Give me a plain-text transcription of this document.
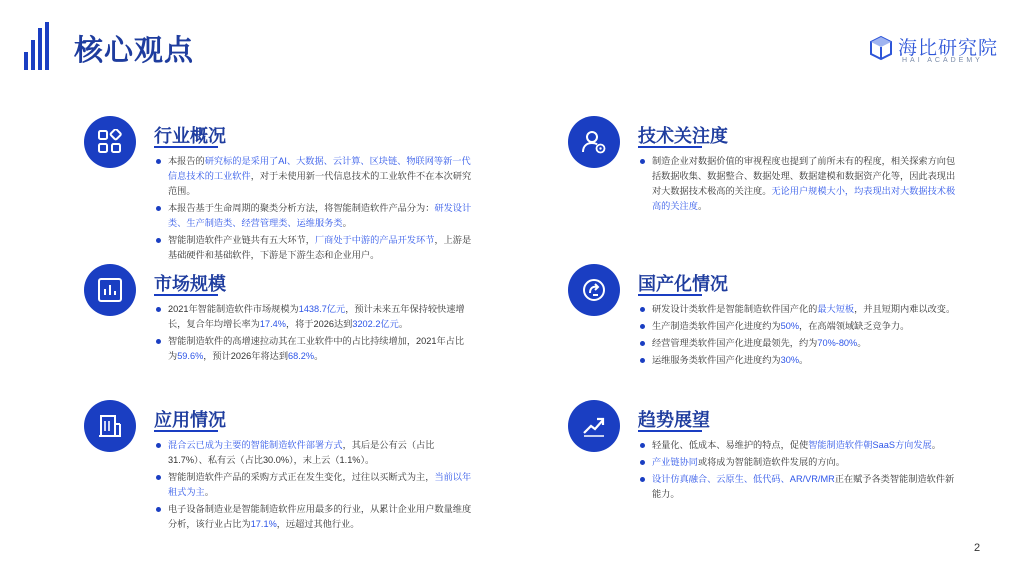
核心观点	海比研究院
HAI ACADEMY
行业概况
本报告的研究标的是采用了AI、大数据、云计算、区块链、物联网等新一代信息技术的工业软件，对于未使用新一代信息技术的工业软件不在本次研究范围。
本报告基于生命周期的聚类分析方法，将智能制造软件产品分为：研发设计类、生产制造类、经营管理类、运维服务类。
智能制造软件产业链共有五大环节，厂商处于中游的产品开发环节，上游是基础硬件和基础软件，下游是下游生态和企业用户。
市场规模
2021年智能制造软件市场规模为1438.7亿元，预计未来五年保持较快速增长，复合年均增长率为17.4%，将于2026达到3202.2亿元。
智能制造软件的高增速拉动其在工业软件中的占比持续增加，2021年占比为59.6%，预计2026年将达到68.2%。
应用情况
混合云已成为主要的智能制造软件部署方式，其后是公有云（占比31.7%）、私有云（占比30.0%），末上云（1.1%）。
智能制造软件产品的采购方式正在发生变化，过往以买断式为主，当前以年租式为主。
电子设备制造业是智能制造软件应用最多的行业，从累计企业用户数量维度分析，该行业占比为17.1%，远超过其他行业。
技术关注度
制造企业对数据价值的审视程度也提到了前所未有的程度，相关探索方向包括数据收集、数据整合、数据处理、数据建模和数据资产化等，因此表现出对大数据技术极高的关注度。无论用户规模大小，均表现出对大数据技术极高的关注度。
国产化情况
研发设计类软件是智能制造软件国产化的最大短板，并且短期内难以改变。
生产制造类软件国产化进度约为50%，在高端领域缺乏竞争力。
经营管理类软件国产化进度最领先，约为70%-80%。
运维服务类软件国产化进度约为30%。
趋势展望
轻量化、低成本、易维护的特点，促使智能制造软件朝SaaS方向发展。
产业链协同或将成为智能制造软件发展的方向。
设计仿真融合、云原生、低代码、AR/VR/MR正在赋予各类智能制造软件新能力。
2
